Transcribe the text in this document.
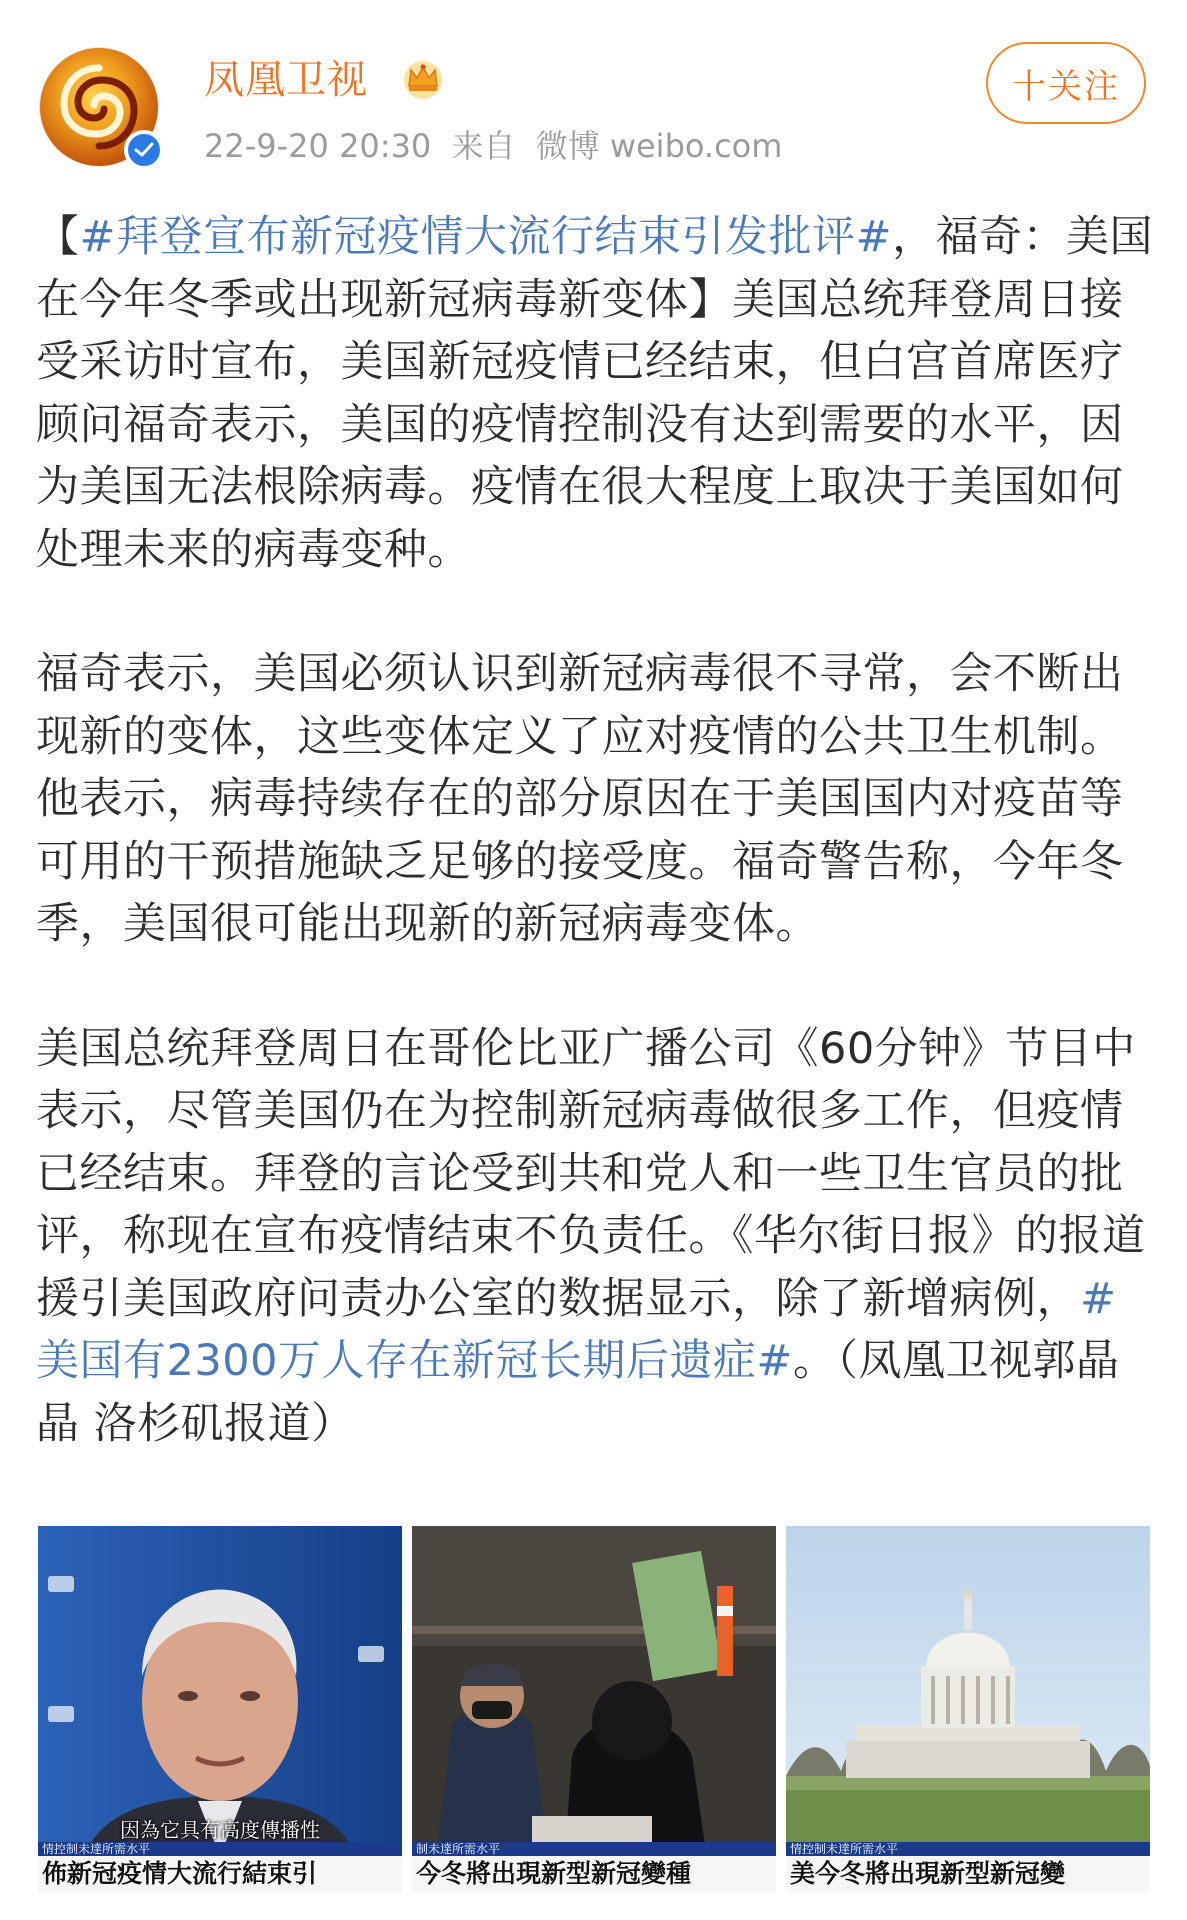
凤凰卫视
22-9-20 20:30 来自 微博 weibo.com
十关注

【#拜登宣布新冠疫情大流行结束引发批评#，福奇：美国在今年冬季或出现新冠病毒新变体】美国总统拜登周日接受采访时宣布，美国新冠疫情已经结束，但白宫首席医疗顾问福奇表示，美国的疫情控制没有达到需要的水平，因为美国无法根除病毒。疫情在很大程度上取决于美国如何处理未来的病毒变种。

福奇表示，美国必须认识到新冠病毒很不寻常，会不断出现新的变体，这些变体定义了应对疫情的公共卫生机制。他表示，病毒持续存在的部分原因在于美国国内对疫苗等可用的干预措施缺乏足够的接受度。福奇警告称，今年冬季，美国很可能出现新的新冠病毒变体。

美国总统拜登周日在哥伦比亚广播公司《60分钟》节目中表示，尽管美国仍在为控制新冠病毒做很多工作，但疫情已经结束。拜登的言论受到共和党人和一些卫生官员的批评，称现在宣布疫情结束不负责任。《华尔街日报》的报道援引美国政府问责办公室的数据显示，除了新增病例，#美国有2300万人存在新冠长期后遗症#。（凤凰卫视郭晶晶 洛杉矶报道）

因為它具有高度傳播性
情控制未達所需水平
佈新冠疫情大流行結束引
制未達所需水平
今冬將出現新型新冠變種
情控制未達所需水平
美今冬將出現新型新冠變
